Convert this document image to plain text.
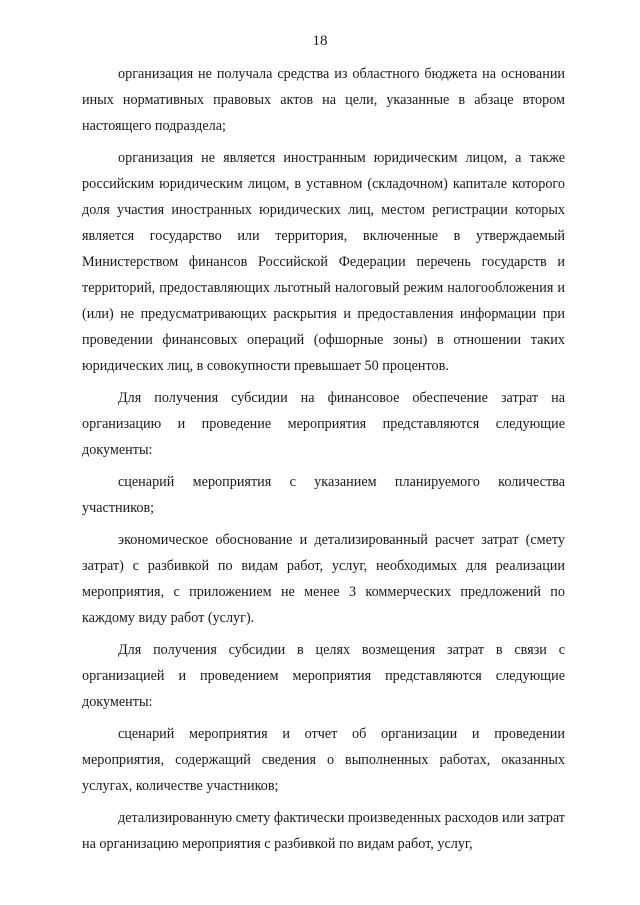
18

организация не получала средства из областного бюджета на основании иных нормативных правовых актов на цели, указанные в абзаце втором настоящего подраздела;

организация не является иностранным юридическим лицом, а также российским юридическим лицом, в уставном (складочном) капитале которого доля участия иностранных юридических лиц, местом регистрации которых является государство или территория, включенные в утверждаемый Министерством финансов Российской Федерации перечень государств и территорий, предоставляющих льготный налоговый режим налогообложения и (или) не предусматривающих раскрытия и предоставления информации при проведении финансовых операций (офшорные зоны) в отношении таких юридических лиц, в совокупности превышает 50 процентов.

Для получения субсидии на финансовое обеспечение затрат на организацию и проведение мероприятия представляются следующие документы:

сценарий мероприятия с указанием планируемого количества участников;

экономическое обоснование и детализированный расчет затрат (смету затрат) с разбивкой по видам работ, услуг, необходимых для реализации мероприятия, с приложением не менее 3 коммерческих предложений по каждому виду работ (услуг).

Для получения субсидии в целях возмещения затрат в связи с организацией и проведением мероприятия представляются следующие документы:

сценарий мероприятия и отчет об организации и проведении мероприятия, содержащий сведения о выполненных работах, оказанных услугах, количестве участников;

детализированную смету фактически произведенных расходов или затрат на организацию мероприятия с разбивкой по видам работ, услуг,
